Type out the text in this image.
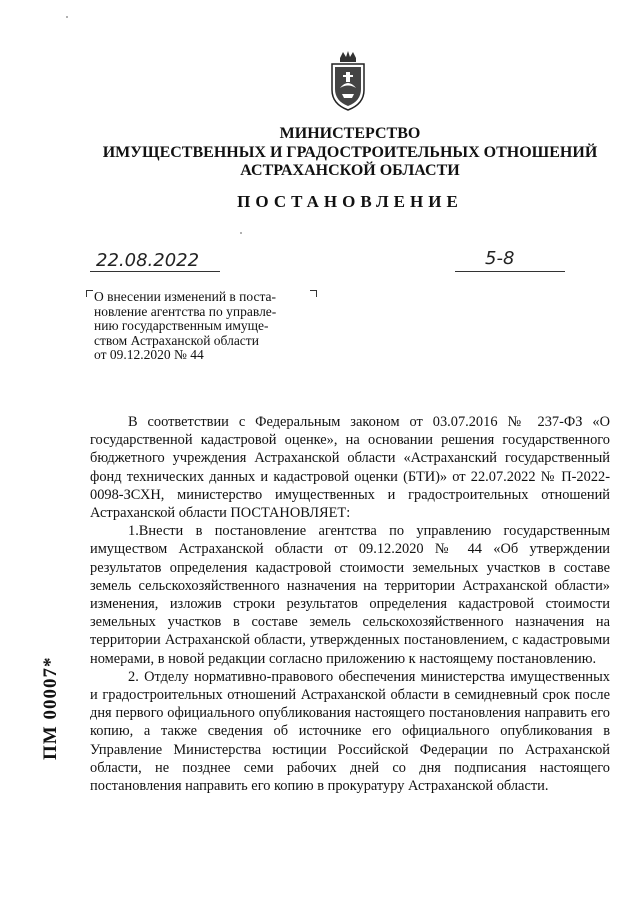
МИНИСТЕРСТВО
ИМУЩЕСТВЕННЫХ И ГРАДОСТРОИТЕЛЬНЫХ ОТНОШЕНИЙ
АСТРАХАНСКОЙ ОБЛАСТИ
ПОСТАНОВЛЕНИЕ
22.08.2022	5-8
О внесении изменений в поста-
новление агентства по управле-
нию государственным имуще-
ством Астраханской области
от 09.12.2020 № 44

В соответствии с Федеральным законом от 03.07.2016 № 237-ФЗ «О государственной кадастровой оценке», на основании решения государственного бюджетного учреждения Астраханской области «Астраханский государственный фонд технических данных и кадастровой оценки (БТИ)» от 22.07.2022 № П-2022-0098-ЗСХН, министерство имущественных и градостроительных отношений Астраханской области ПОСТАНОВЛЯЕТ:

1.Внести в постановление агентства по управлению государственным имуществом Астраханской области от 09.12.2020 № 44 «Об утверждении результатов определения кадастровой стоимости земельных участков в составе земель сельскохозяйственного назначения на территории Астраханской области» изменения, изложив строки результатов определения кадастровой стоимости земельных участков в составе земель сельскохозяйственного назначения на территории Астраханской области, утвержденных постановлением, с кадастровыми номерами, в новой редакции согласно приложению к настоящему постановлению.

2. Отделу нормативно-правового обеспечения министерства имущественных и градостроительных отношений Астраханской области в семидневный срок после дня первого официального опубликования настоящего постановления направить его копию, а также сведения об источнике его официального опубликования в Управление Министерства юстиции Российской Федерации по Астраханской области, не позднее семи рабочих дней со дня подписания настоящего постановления направить его копию в прокуратуру Астраханской области.

ПМ 00007*
